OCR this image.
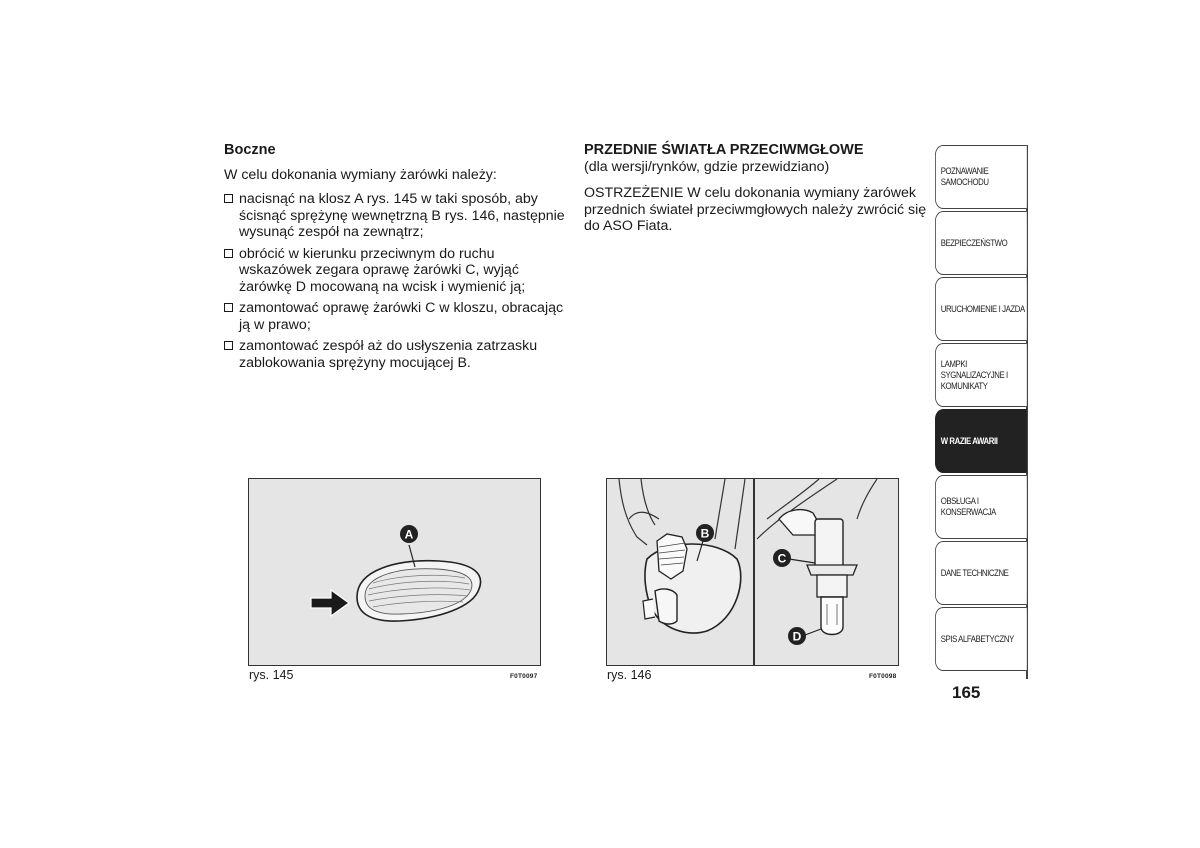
Boczne

W celu dokonania wymiany żarówki należy:

nacisnąć na klosz A rys. 145 w taki sposób, aby ścisnąć sprężynę wewnętrzną B rys. 146, następnie wysunąć zespół na zewnątrz;
obrócić w kierunku przeciwnym do ruchu wskazówek zegara oprawę żarówki C, wyjąć żarówkę D mocowaną na wcisk i wymienić ją;
zamontować oprawę żarówki C w kloszu, obracając ją w prawo;
zamontować zespół aż do usłyszenia zatrzasku zablokowania sprężyny mocującej B.
PRZEDNIE ŚWIATŁA PRZECIWMGŁOWE
(dla wersji/rynków, gdzie przewidziano)

OSTRZEŻENIE W celu dokonania wymiany żarówek przednich świateł przeciwmgłowych należy zwrócić się do ASO Fiata.

A
rys. 145	F0T0097
B
C
D
rys. 146	F0T0098
POZNAWANIE SAMOCHODU
BEZPIECZEŃSTWO
URUCHOMIENIE I JAZDA
LAMPKI SYGNALIZACYJNE I KOMUNIKATY
W RAZIE AWARII
OBSŁUGA I KONSERWACJA
DANE TECHNICZNE
SPIS ALFABETYCZNY
165
